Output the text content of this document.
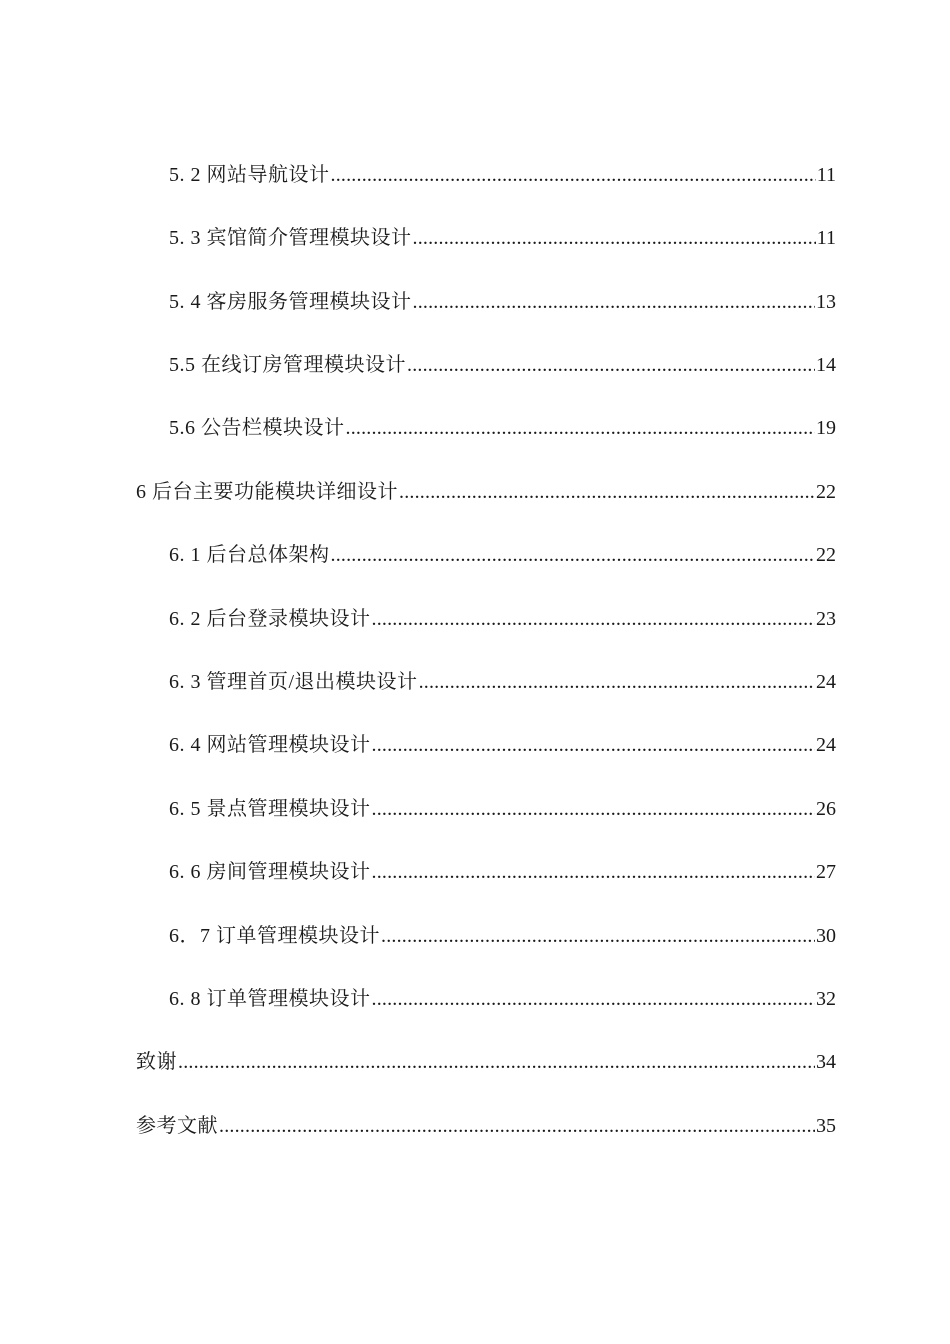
5. 2 网站导航设计 .....	11
5. 3 宾馆简介管理模块设计 .....	11
5. 4 客房服务管理模块设计 .....	13
5.5 在线订房管理模块设计 .....	14
5.6 公告栏模块设计 .....	19
6 后台主要功能模块详细设计 .....	22
6. 1 后台总体架构 .....	22
6. 2 后台登录模块设计 .....	23
6. 3 管理首页/退出模块设计 .....	24
6. 4 网站管理模块设计 .....	24
6. 5 景点管理模块设计 .....	26
6. 6 房间管理模块设计 .....	27
6．7 订单管理模块设计 .....	30
6. 8 订单管理模块设计 .....	32
致谢 .....	34
参考文献 .....	35
